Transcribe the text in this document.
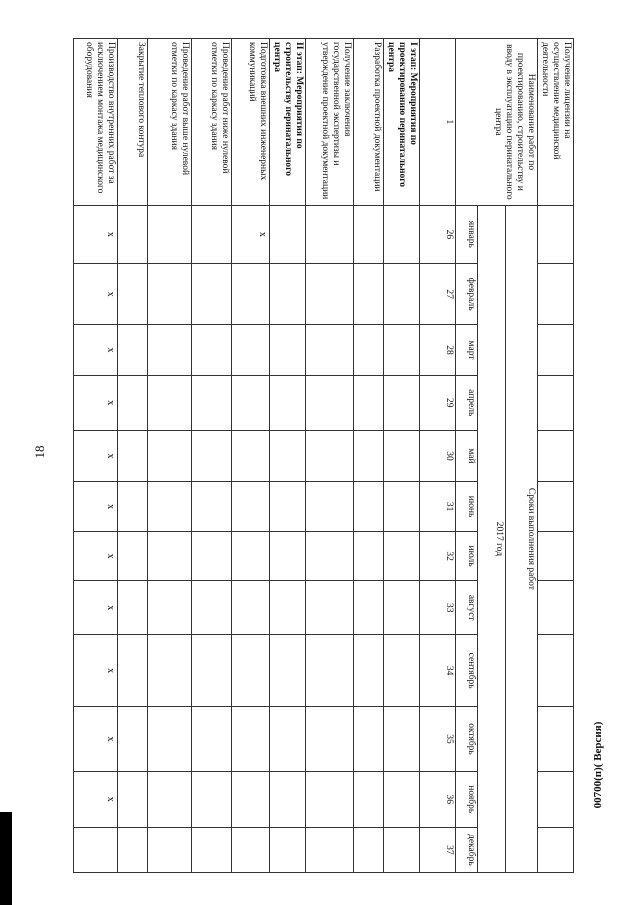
18
Получение лицензии на осуществление медицинской деятельности												
Наименование работ по проектированию, строительству и вводу в эксплуатацию перинатального центра	Сроки выполнения работ											
	2017 год											
	январь	февраль	март	апрель	май	июнь	июль	август	сентябрь	октябрь	ноябрь	декабрь
1	26	27	28	29	30	31	32	33	34	35	36	37
I этап: Мероприятия по проектированию перинатального центра												
Разработка проектной документации												
Получение заключения государственной экспертизы и утверждение проектной документации												
II этап: Мероприятия по строительству перинатального центра												
Подготовка внешних инженерных коммуникаций	x											
Проведение работ ниже нулевой отметки по каркасу здания												
Проведение работ выше нулевой отметки по каркасу здания												
Закрытие теплового контура												
Производство внутренних работ за исключением монтажа медицинского оборудования	x	x	x	x	x	x	x	x	x	x	x		00700(п)( Версия)
